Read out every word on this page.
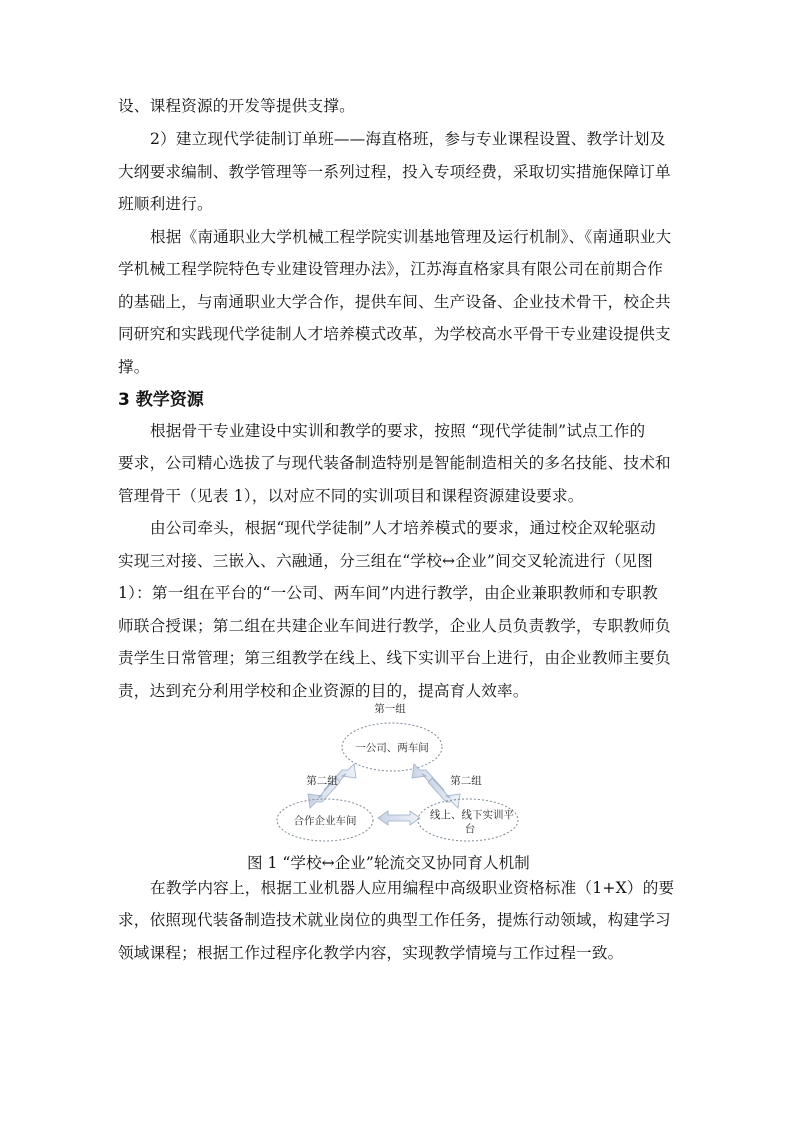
设、课程资源的开发等提供支撑。
2）建立现代学徒制订单班——海直格班，参与专业课程设置、教学计划及
大纲要求编制、教学管理等一系列过程，投入专项经费，采取切实措施保障订单
班顺利进行。
根据《南通职业大学机械工程学院实训基地管理及运行机制》、《南通职业大
学机械工程学院特色专业建设管理办法》，江苏海直格家具有限公司在前期合作
的基础上，与南通职业大学合作，提供车间、生产设备、企业技术骨干，校企共
同研究和实践现代学徒制人才培养模式改革，为学校高水平骨干专业建设提供支
撑。
3 教学资源
根据骨干专业建设中实训和教学的要求，按照 “现代学徒制”试点工作的
要求，公司精心选拔了与现代装备制造特别是智能制造相关的多名技能、技术和
管理骨干（见表 1），以对应不同的实训项目和课程资源建设要求。
由公司牵头，根据“现代学徒制”人才培养模式的要求，通过校企双轮驱动
实现三对接、三嵌入、六融通，分三组在“学校↔企业”间交叉轮流进行（见图
1）：第一组在平台的“一公司、两车间”内进行教学，由企业兼职教师和专职教
师联合授课；第二组在共建企业车间进行教学，企业人员负责教学，专职教师负
责学生日常管理；第三组教学在线上、线下实训平台上进行，由企业教师主要负
责，达到充分利用学校和企业资源的目的，提高育人效率。
第一组
一公司、两车间
第二组	第二组
合作企业车间	线上、线下实训平
台
图 1 “学校↔企业”轮流交叉协同育人机制
在教学内容上，根据工业机器人应用编程中高级职业资格标准（1+X）的要
求，依照现代装备制造技术就业岗位的典型工作任务，提炼行动领域，构建学习
领域课程；根据工作过程序化教学内容，实现教学情境与工作过程一致。
